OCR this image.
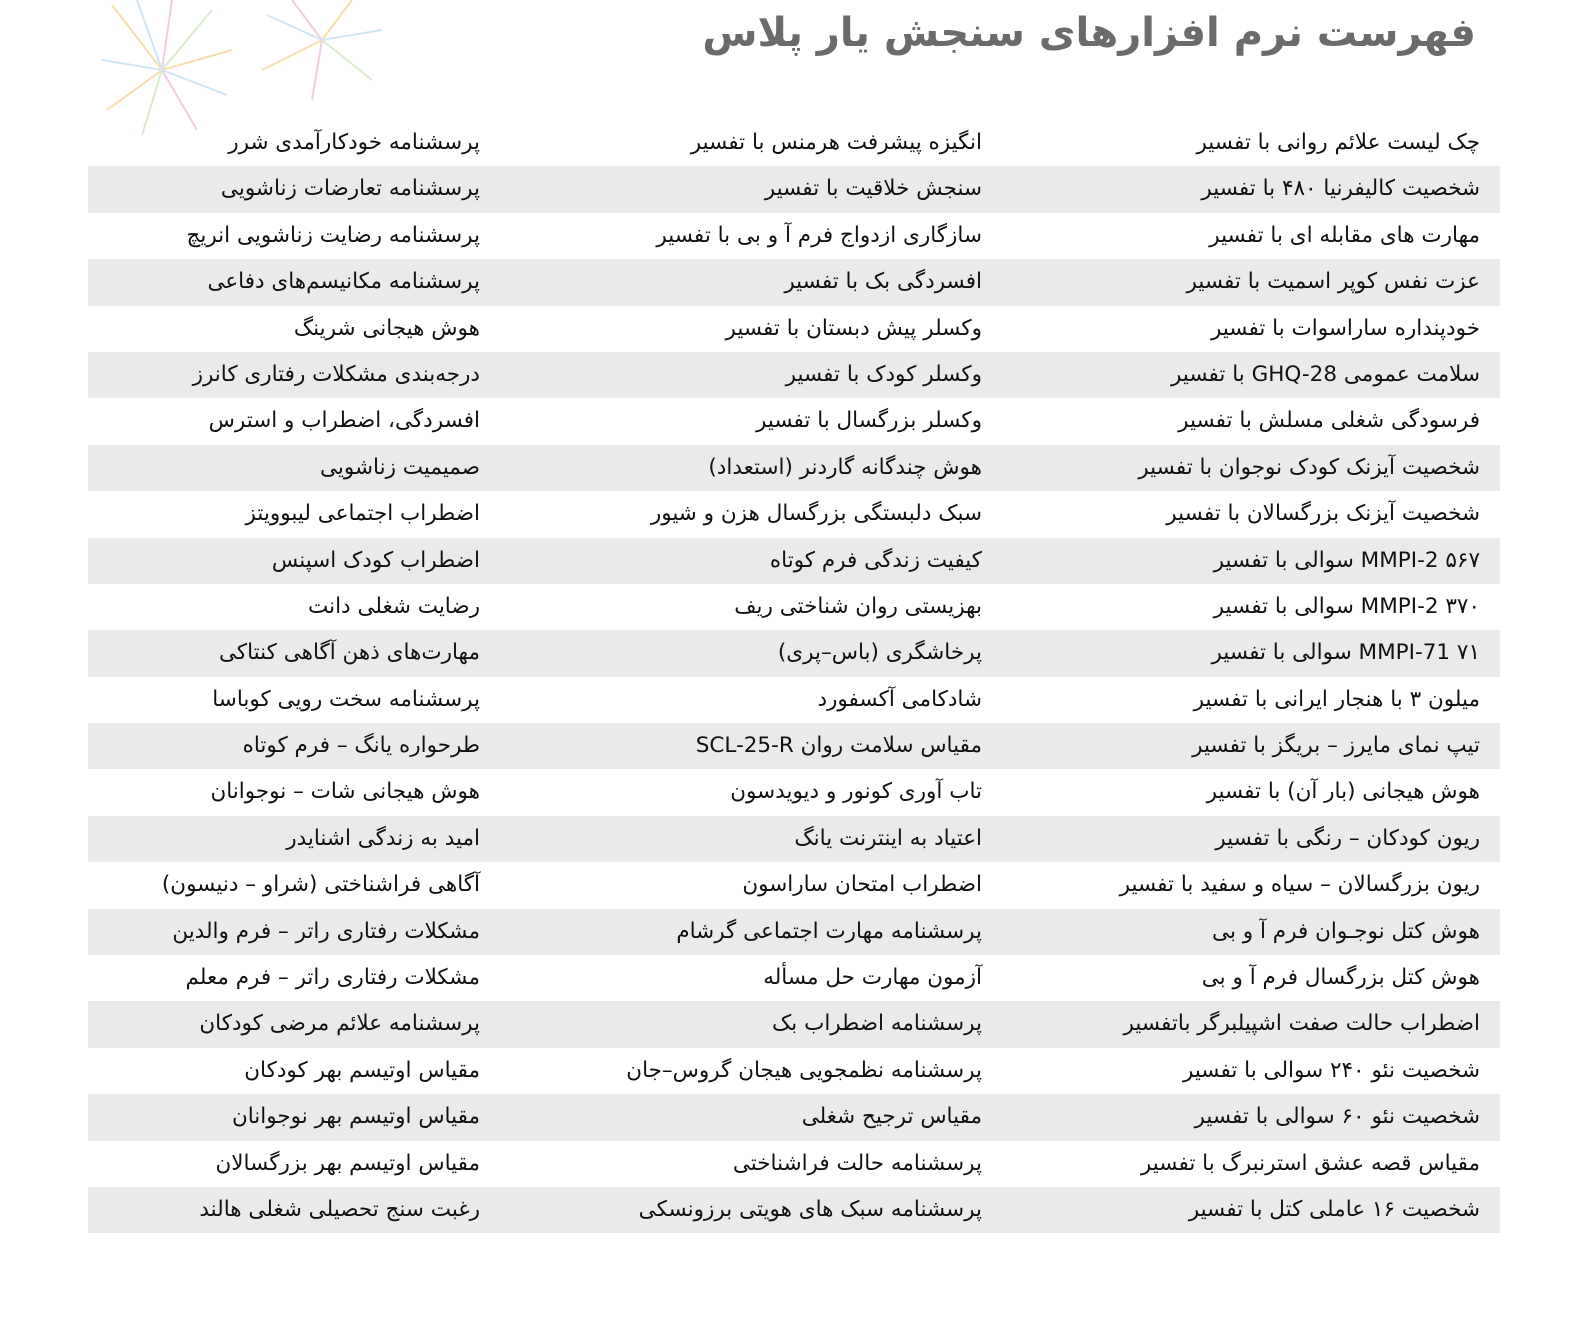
فهرست نرم افزارهای سنجش یار پلاس
چک لیست علائم روانی با تفسیر
انگیزه پیشرفت هرمنس با تفسیر
پرسشنامه خودکارآمدی شرر
شخصیت کالیفرنیا ۴۸۰ با تفسیر
سنجش خلاقیت با تفسیر
پرسشنامه تعارضات زناشویی
مهارت های مقابله ای با تفسیر
سازگاری ازدواج فرم آ و بی با تفسیر
پرسشنامه رضایت زناشویی انریچ
عزت نفس کوپر اسمیت با تفسیر
افسردگی بک با تفسیر
پرسشنامه مکانیسم‌های دفاعی
خودپنداره ساراسوات با تفسیر
وکسلر پیش دبستان با تفسیر
هوش هیجانی شرینگ
سلامت عمومی GHQ-28 با تفسیر
وکسلر کودک با تفسیر
درجه‌بندی مشکلات رفتاری کانرز
فرسودگی شغلی مسلش با تفسیر
وکسلر بزرگسال با تفسیر
افسردگی، اضطراب و استرس
شخصیت آیزنک کودک نوجوان با تفسیر
هوش چندگانه گاردنر (استعداد)
صمیمیت زناشویی
شخصیت آیزنک بزرگسالان با تفسیر
سبک دلبستگی بزرگسال هزن و شیور
اضطراب اجتماعی لیبوویتز
MMPI-2 ۵۶۷ سوالی با تفسیر
کیفیت زندگی فرم کوتاه
اضطراب کودک اسپنس
MMPI-2 ۳۷۰ سوالی با تفسیر
بهزیستی روان شناختی ریف
رضایت شغلی دانت
MMPI-71 ۷۱ سوالی با تفسیر
پرخاشگری (باس–پری)
مهارت‌های ذهن آگاهی کنتاکی
میلون ۳ با هنجار ایرانی با تفسیر
شادکامی آکسفورد
پرسشنامه سخت رویی کوباسا
تیپ نمای مایرز – بریگز با تفسیر
مقیاس سلامت روان SCL-25-R
طرحواره یانگ – فرم کوتاه
هوش هیجانی (بار آن) با تفسیر
تاب آوری کونور و دیویدسون
هوش هیجانی شات – نوجوانان
ریون کودکان – رنگی با تفسیر
اعتیاد به اینترنت یانگ
امید به زندگی اشنایدر
ریون بزرگسالان – سیاه و سفید با تفسیر
اضطراب امتحان ساراسون
آگاهی فراشناختی (شراو – دنیسون)
هوش کتل نوجـوان فرم آ و بی
پرسشنامه مهارت اجتماعی گرشام
مشکلات رفتاری راتر – فرم والدین
هوش کتل بزرگسال فرم آ و بی
آزمون مهارت حل مسأله
مشکلات رفتاری راتر – فرم معلم
اضطراب حالت صفت اشپیلبرگر باتفسیر
پرسشنامه اضطراب بک
پرسشنامه علائم مرضی کودکان
شخصیت نئو ۲۴۰ سوالی با تفسیر
پرسشنامه نظمجویی هیجان گروس–جان
مقیاس اوتیسم بهر کودکان
شخصیت نئو ۶۰ سوالی با تفسیر
مقیاس ترجیح شغلی
مقیاس اوتیسم بهر نوجوانان
مقیاس قصه عشق استرنبرگ با تفسیر
پرسشنامه حالت فراشناختی
مقیاس اوتیسم بهر بزرگسالان
شخصیت ۱۶ عاملی کتل با تفسیر
پرسشنامه سبک های هویتی برزونسکی
رغبت سنج تحصیلی شغلی هالند
